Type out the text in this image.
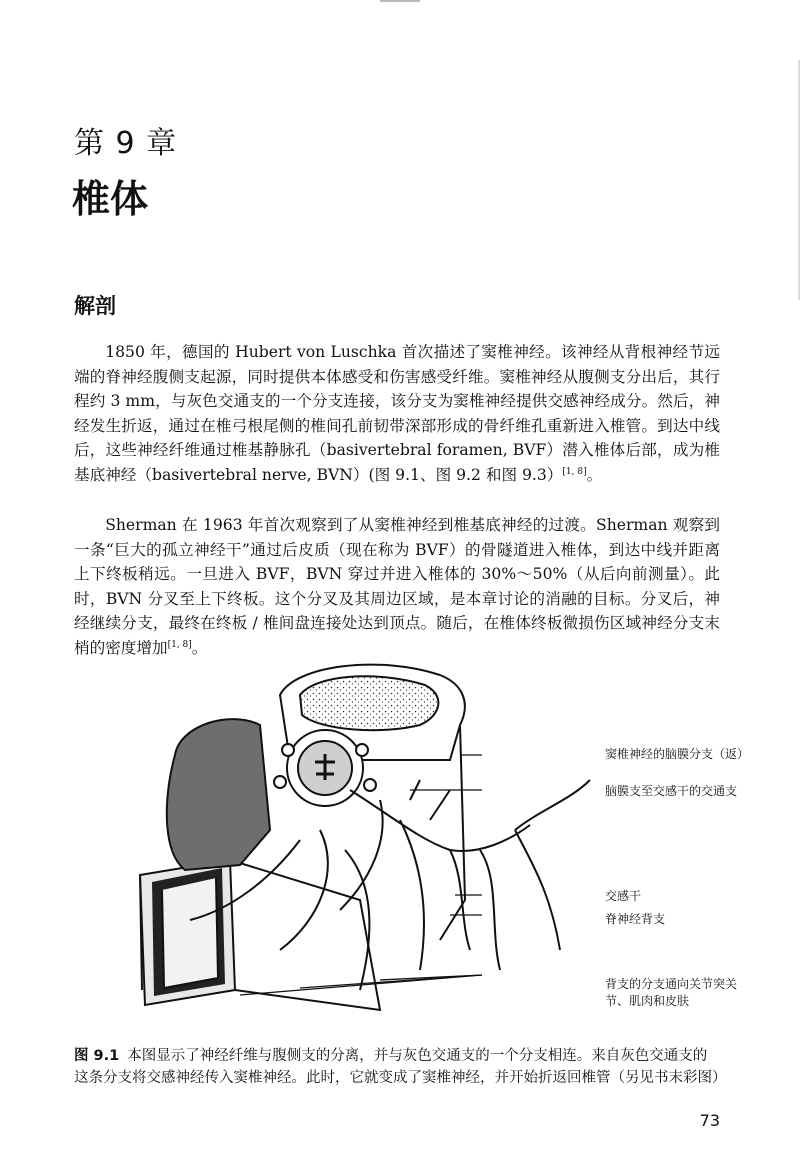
第 9 章
椎体
解剖
1850 年，德国的 Hubert von Luschka 首次描述了窦椎神经。该神经从背根神经节远端的脊神经腹侧支起源，同时提供本体感受和伤害感受纤维。窦椎神经从腹侧支分出后，其行程约 3 mm，与灰色交通支的一个分支连接，该分支为窦椎神经提供交感神经成分。然后，神经发生折返，通过在椎弓根尾侧的椎间孔前韧带深部形成的骨纤维孔重新进入椎管。到达中线后，这些神经纤维通过椎基静脉孔（basivertebral foramen, BVF）潜入椎体后部，成为椎基底神经（basivertebral nerve, BVN）(图 9.1、图 9.2 和图 9.3）[1, 8]。
Sherman 在 1963 年首次观察到了从窦椎神经到椎基底神经的过渡。Sherman 观察到一条“巨大的孤立神经干”通过后皮质（现在称为 BVF）的骨隧道进入椎体，到达中线并距离上下终板稍远。一旦进入 BVF，BVN 穿过并进入椎体的 30%～50%（从后向前测量）。此时，BVN 分叉至上下终板。这个分叉及其周边区域，是本章讨论的消融的目标。分叉后，神经继续分支，最终在终板 / 椎间盘连接处达到顶点。随后，在椎体终板微损伤区域神经分支末梢的密度增加[1, 8]。
窦椎神经的脑膜分支（返）
脑膜支至交感干的交通支
交感干
脊神经背支
背支的分支通向关节突关
节、肌肉和皮肤
图 9.1 本图显示了神经纤维与腹侧支的分离，并与灰色交通支的一个分支相连。来自灰色交通支的这条分支将交感神经传入窦椎神经。此时，它就变成了窦椎神经，并开始折返回椎管（另见书末彩图）
73
